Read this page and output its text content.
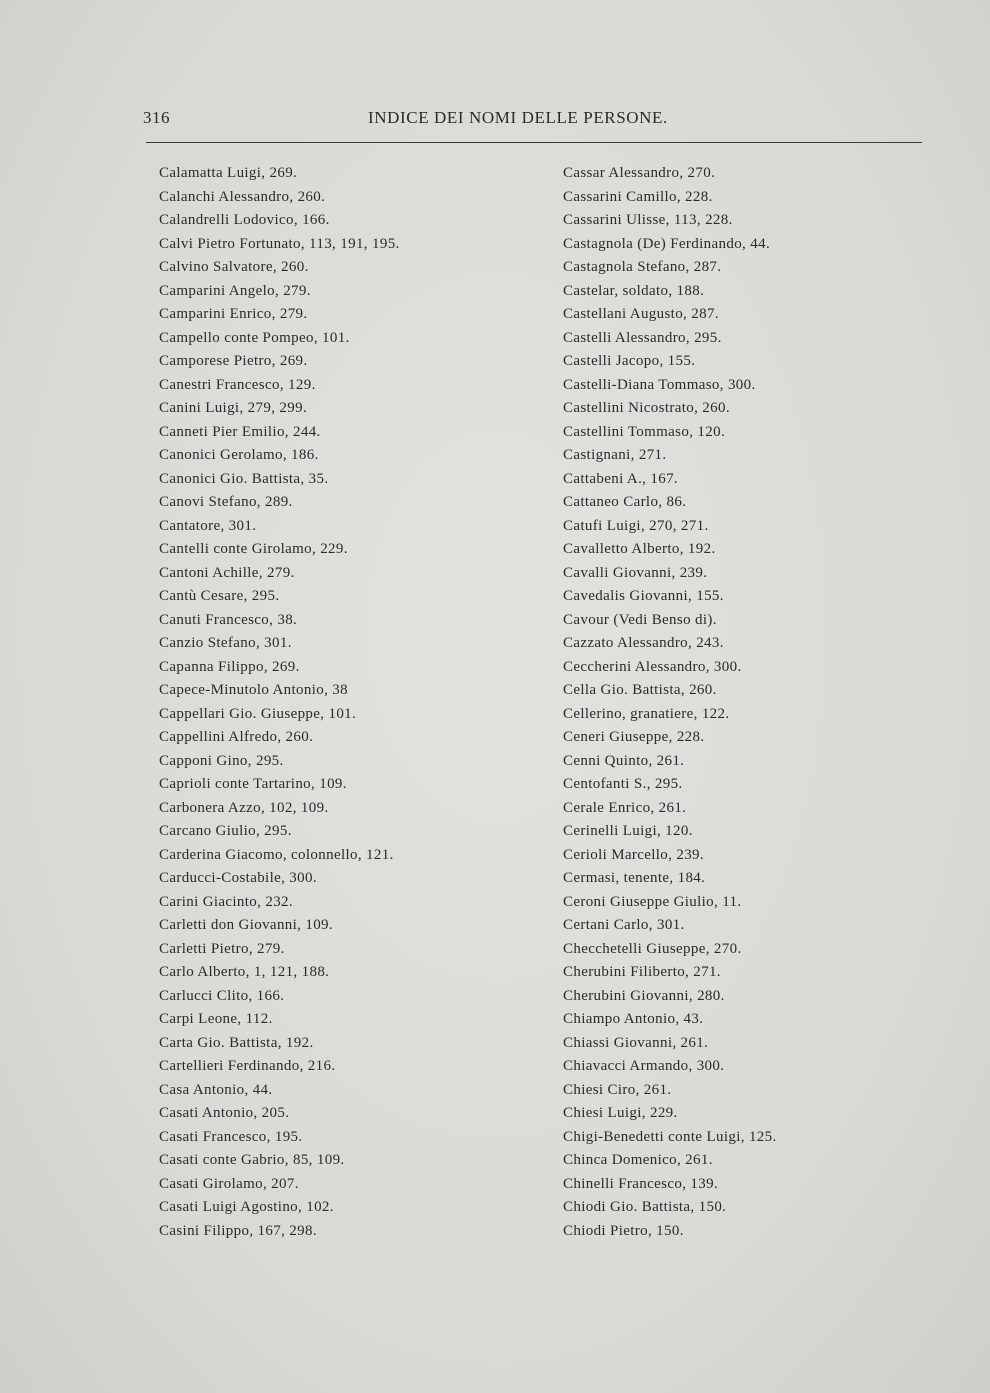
316	INDICE DEI NOMI DELLE PERSONE.
Calamatta Luigi, 269.
Calanchi Alessandro, 260.
Calandrelli Lodovico, 166.
Calvi Pietro Fortunato, 113, 191, 195.
Calvino Salvatore, 260.
Camparini Angelo, 279.
Camparini Enrico, 279.
Campello conte Pompeo, 101.
Camporese Pietro, 269.
Canestri Francesco, 129.
Canini Luigi, 279, 299.
Canneti Pier Emilio, 244.
Canonici Gerolamo, 186.
Canonici Gio. Battista, 35.
Canovi Stefano, 289.
Cantatore, 301.
Cantelli conte Girolamo, 229.
Cantoni Achille, 279.
Cantù Cesare, 295.
Canuti Francesco, 38.
Canzio Stefano, 301.
Capanna Filippo, 269.
Capece-Minutolo Antonio, 38
Cappellari Gio. Giuseppe, 101.
Cappellini Alfredo, 260.
Capponi Gino, 295.
Caprioli conte Tartarino, 109.
Carbonera Azzo, 102, 109.
Carcano Giulio, 295.
Carderina Giacomo, colonnello, 121.
Carducci-Costabile, 300.
Carini Giacinto, 232.
Carletti don Giovanni, 109.
Carletti Pietro, 279.
Carlo Alberto, 1, 121, 188.
Carlucci Clito, 166.
Carpi Leone, 112.
Carta Gio. Battista, 192.
Cartellieri Ferdinando, 216.
Casa Antonio, 44.
Casati Antonio, 205.
Casati Francesco, 195.
Casati conte Gabrio, 85, 109.
Casati Girolamo, 207.
Casati Luigi Agostino, 102.
Casini Filippo, 167, 298.
Cassar Alessandro, 270.
Cassarini Camillo, 228.
Cassarini Ulisse, 113, 228.
Castagnola (De) Ferdinando, 44.
Castagnola Stefano, 287.
Castelar, soldato, 188.
Castellani Augusto, 287.
Castelli Alessandro, 295.
Castelli Jacopo, 155.
Castelli-Diana Tommaso, 300.
Castellini Nicostrato, 260.
Castellini Tommaso, 120.
Castignani, 271.
Cattabeni A., 167.
Cattaneo Carlo, 86.
Catufi Luigi, 270, 271.
Cavalletto Alberto, 192.
Cavalli Giovanni, 239.
Cavedalis Giovanni, 155.
Cavour (Vedi Benso di).
Cazzato Alessandro, 243.
Ceccherini Alessandro, 300.
Cella Gio. Battista, 260.
Cellerino, granatiere, 122.
Ceneri Giuseppe, 228.
Cenni Quinto, 261.
Centofanti S., 295.
Cerale Enrico, 261.
Cerinelli Luigi, 120.
Cerioli Marcello, 239.
Cermasi, tenente, 184.
Ceroni Giuseppe Giulio, 11.
Certani Carlo, 301.
Checchetelli Giuseppe, 270.
Cherubini Filiberto, 271.
Cherubini Giovanni, 280.
Chiampo Antonio, 43.
Chiassi Giovanni, 261.
Chiavacci Armando, 300.
Chiesi Ciro, 261.
Chiesi Luigi, 229.
Chigi-Benedetti conte Luigi, 125.
Chinca Domenico, 261.
Chinelli Francesco, 139.
Chiodi Gio. Battista, 150.
Chiodi Pietro, 150.
